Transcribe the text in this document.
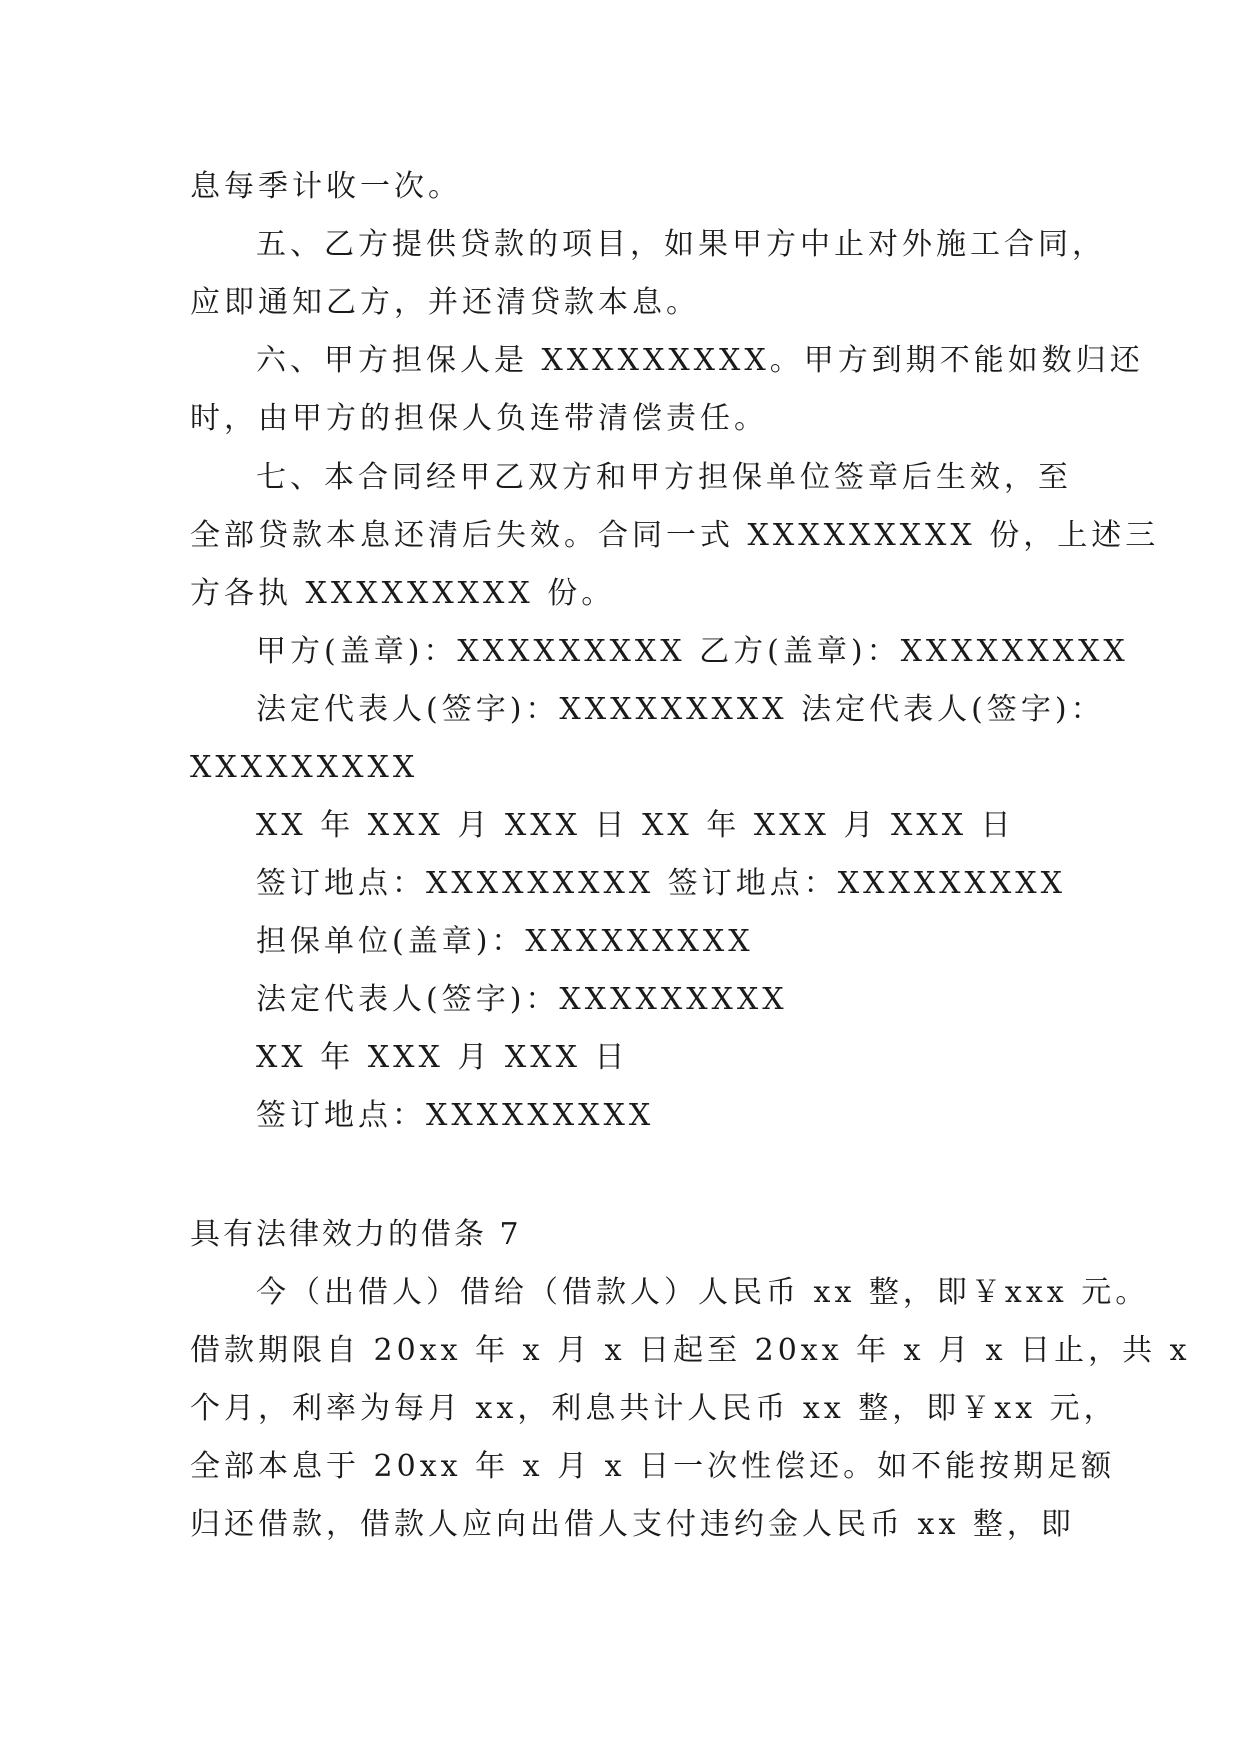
息每季计收一次。
五、乙方提供贷款的项目，如果甲方中止对外施工合同，
应即通知乙方，并还清贷款本息。
六、甲方担保人是 XXXXXXXXX。甲方到期不能如数归还
时，由甲方的担保人负连带清偿责任。
七、本合同经甲乙双方和甲方担保单位签章后生效，至
全部贷款本息还清后失效。合同一式 XXXXXXXXX 份，上述三
方各执 XXXXXXXXX 份。
甲方(盖章)：XXXXXXXXX 乙方(盖章)：XXXXXXXXX
法定代表人(签字)：XXXXXXXXX 法定代表人(签字)：
XXXXXXXXX
XX 年 XXX 月 XXX 日 XX 年 XXX 月 XXX 日
签订地点：XXXXXXXXX 签订地点：XXXXXXXXX
担保单位(盖章)：XXXXXXXXX
法定代表人(签字)：XXXXXXXXX
XX 年 XXX 月 XXX 日
签订地点：XXXXXXXXX
具有法律效力的借条 7
今（出借人）借给（借款人）人民币 xx 整，即￥xxx 元。
借款期限自 20xx 年 x 月 x 日起至 20xx 年 x 月 x 日止，共 x
个月，利率为每月 xx，利息共计人民币 xx 整，即￥xx 元，
全部本息于 20xx 年 x 月 x 日一次性偿还。如不能按期足额
归还借款，借款人应向出借人支付违约金人民币 xx 整，即
